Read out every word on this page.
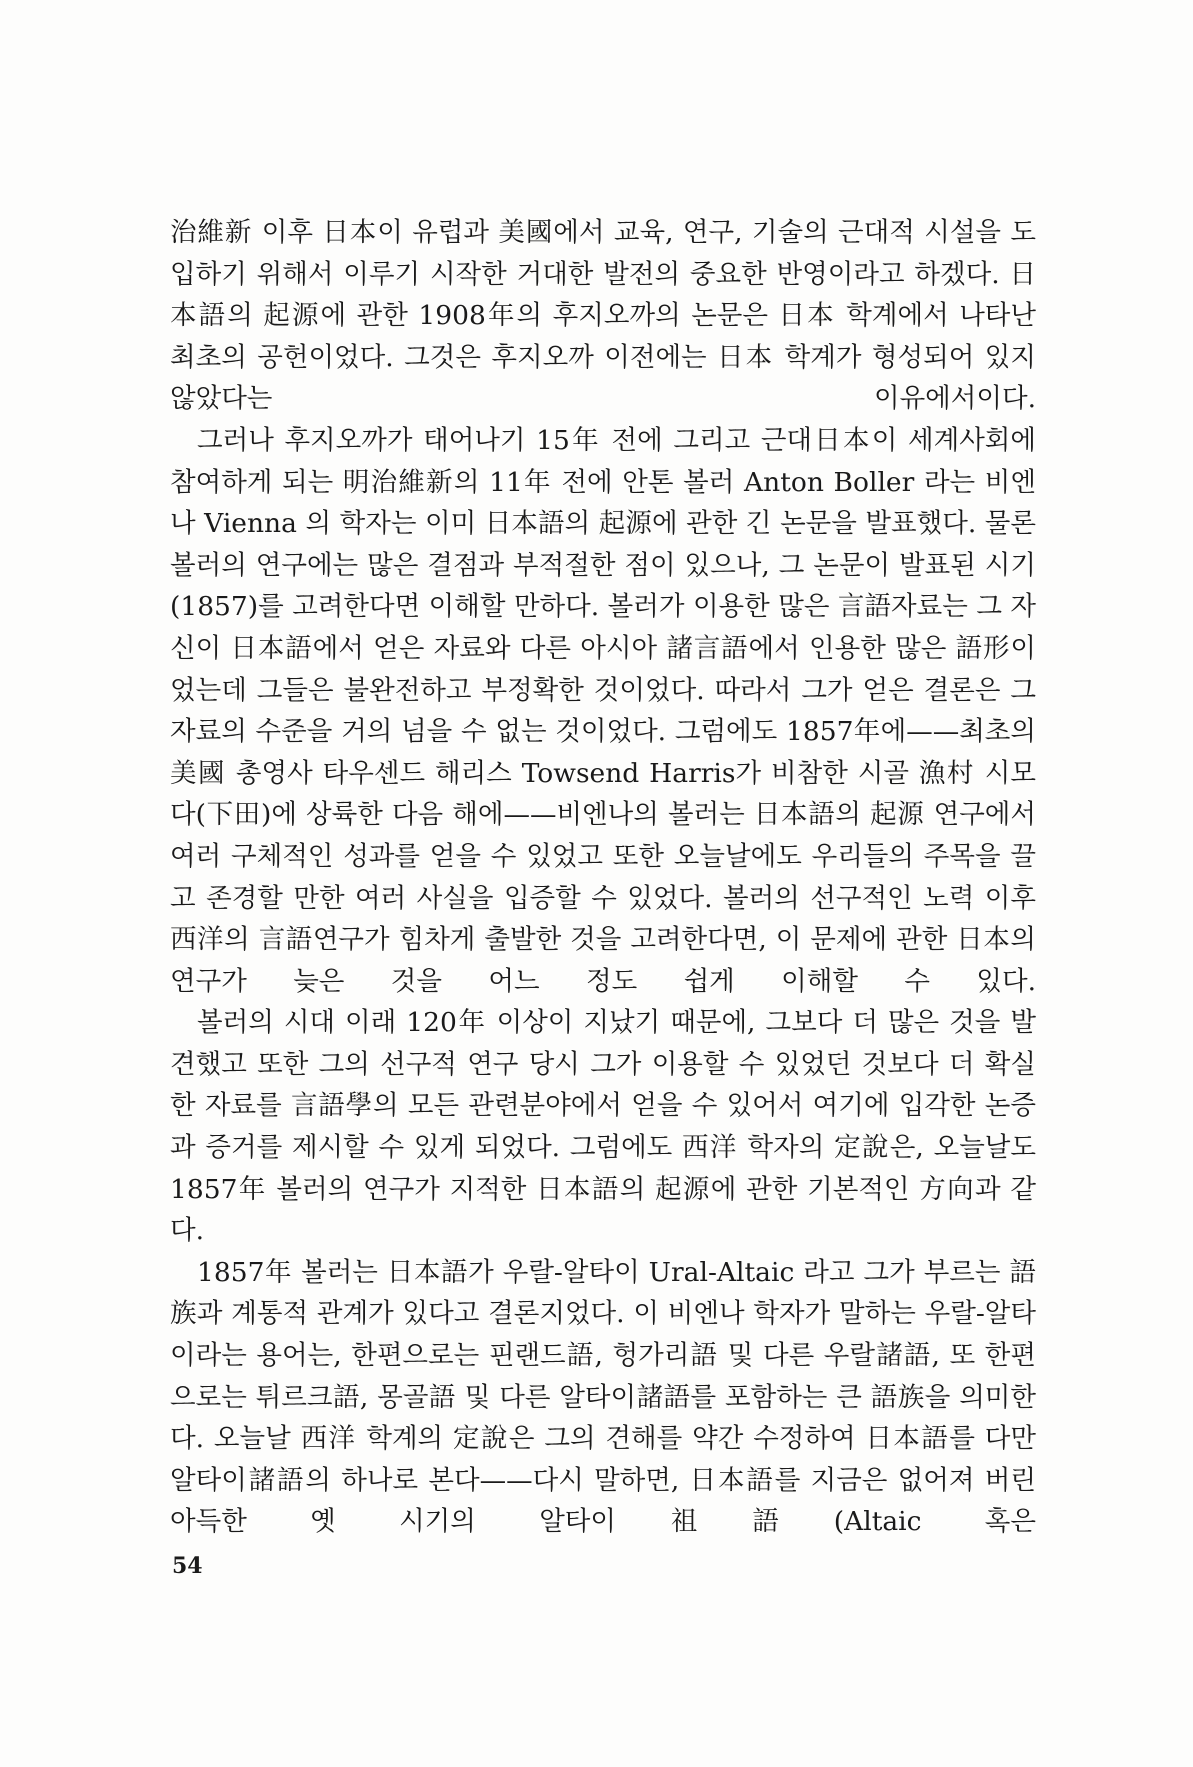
治維新 이후 日本이 유럽과 美國에서 교육, 연구, 기술의 근대적 시설을 도입하기 위해서 이루기 시작한 거대한 발전의 중요한 반영이라고 하겠다. 日本語의 起源에 관한 1908年의 후지오까의 논문은 日本 학계에서 나타난 최초의 공헌이었다. 그것은 후지오까 이전에는 日本 학계가 형성되어 있지 않았다는 이유에서이다.

그러나 후지오까가 태어나기 15年 전에 그리고 근대日本이 세계사회에 참여하게 되는 明治維新의 11年 전에 안톤 볼러 Anton Boller 라는 비엔나 Vienna 의 학자는 이미 日本語의 起源에 관한 긴 논문을 발표했다. 물론 볼러의 연구에는 많은 결점과 부적절한 점이 있으나, 그 논문이 발표된 시기(1857)를 고려한다면 이해할 만하다. 볼러가 이용한 많은 言語자료는 그 자신이 日本語에서 얻은 자료와 다른 아시아 諸言語에서 인용한 많은 語形이었는데 그들은 불완전하고 부정확한 것이었다. 따라서 그가 얻은 결론은 그 자료의 수준을 거의 넘을 수 없는 것이었다. 그럼에도 1857年에——최초의 美國 총영사 타우센드 해리스 Towsend Harris가 비참한 시골 漁村 시모다(下田)에 상륙한 다음 해에——비엔나의 볼러는 日本語의 起源 연구에서 여러 구체적인 성과를 얻을 수 있었고 또한 오늘날에도 우리들의 주목을 끌고 존경할 만한 여러 사실을 입증할 수 있었다. 볼러의 선구적인 노력 이후 西洋의 言語연구가 힘차게 출발한 것을 고려한다면, 이 문제에 관한 日本의 연구가 늦은 것을 어느 정도 쉽게 이해할 수 있다.

볼러의 시대 이래 120年 이상이 지났기 때문에, 그보다 더 많은 것을 발견했고 또한 그의 선구적 연구 당시 그가 이용할 수 있었던 것보다 더 확실한 자료를 言語學의 모든 관련분야에서 얻을 수 있어서 여기에 입각한 논증과 증거를 제시할 수 있게 되었다. 그럼에도 西洋 학자의 定說은, 오늘날도 1857年 볼러의 연구가 지적한 日本語의 起源에 관한 기본적인 方向과 같다.

1857年 볼러는 日本語가 우랄-알타이 Ural-Altaic 라고 그가 부르는 語族과 계통적 관계가 있다고 결론지었다. 이 비엔나 학자가 말하는 우랄-알타이라는 용어는, 한편으로는 핀랜드語, 헝가리語 및 다른 우랄諸語, 또 한편으로는 튀르크語, 몽골語 및 다른 알타이諸語를 포함하는 큰 語族을 의미한다. 오늘날 西洋 학계의 定說은 그의 견해를 약간 수정하여 日本語를 다만 알타이諸語의 하나로 본다——다시 말하면, 日本語를 지금은 없어져 버린 아득한 옛 시기의 알타이祖語(Altaic 혹은

54
